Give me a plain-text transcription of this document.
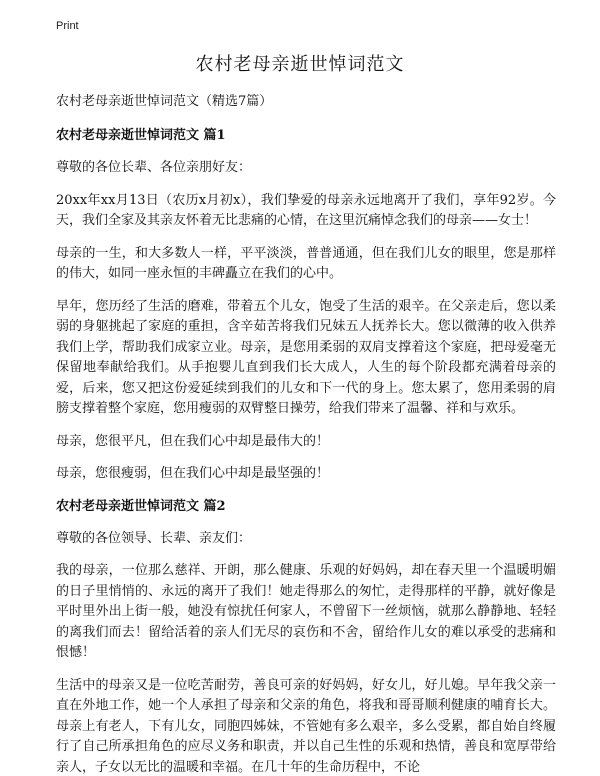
Print
农村老母亲逝世悼词范文

农村老母亲逝世悼词范文（精选7篇）

农村老母亲逝世悼词范文 篇1

尊敬的各位长辈、各位亲朋好友：

20xx年xx月13日（农历x月初x），我们挚爱的母亲永远地离开了我们，享年92岁。今天，我们全家及其亲友怀着无比悲痛的心情，在这里沉痛悼念我们的母亲——女士！

母亲的一生，和大多数人一样，平平淡淡，普普通通，但在我们儿女的眼里，您是那样的伟大，如同一座永恒的丰碑矗立在我们的心中。

早年，您历经了生活的磨难，带着五个儿女，饱受了生活的艰辛。在父亲走后，您以柔弱的身躯挑起了家庭的重担，含辛茹苦将我们兄妹五人抚养长大。您以微薄的收入供养我们上学，帮助我们成家立业。母亲，是您用柔弱的双肩支撑着这个家庭，把母爱毫无保留地奉献给我们。从手抱婴儿直到我们长大成人，人生的每个阶段都充满着母亲的爱，后来，您又把这份爱延续到我们的儿女和下一代的身上。您太累了，您用柔弱的肩膀支撑着整个家庭，您用瘦弱的双臂整日操劳，给我们带来了温馨、祥和与欢乐。

母亲，您很平凡，但在我们心中却是最伟大的！

母亲，您很瘦弱，但在我们心中却是最坚强的！

农村老母亲逝世悼词范文 篇2

尊敬的各位领导、长辈、亲友们：

我的母亲，一位那么慈祥、开朗，那么健康、乐观的好妈妈，却在春天里一个温暖明媚的日子里悄悄的、永远的离开了我们！她走得那么的匆忙，走得那样的平静，就好像是平时里外出上街一般，她没有惊扰任何家人，不曾留下一丝烦恼，就那么静静地、轻轻的离我们而去！留给活着的亲人们无尽的哀伤和不舍，留给作儿女的难以承受的悲痛和恨憾！

生活中的母亲又是一位吃苦耐劳，善良可亲的好妈妈，好女儿，好儿媳。早年我父亲一直在外地工作，她一个人承担了母亲和父亲的角色，将我和哥哥顺利健康的哺育长大。母亲上有老人，下有儿女，同胞四姊妹，不管她有多么艰辛，多么受累，都自始自终履行了自己所承担角色的应尽义务和职责，并以自己生性的乐观和热情，善良和宽厚带给亲人，子女以无比的温暖和幸福。在几十年的生命历程中，不论
